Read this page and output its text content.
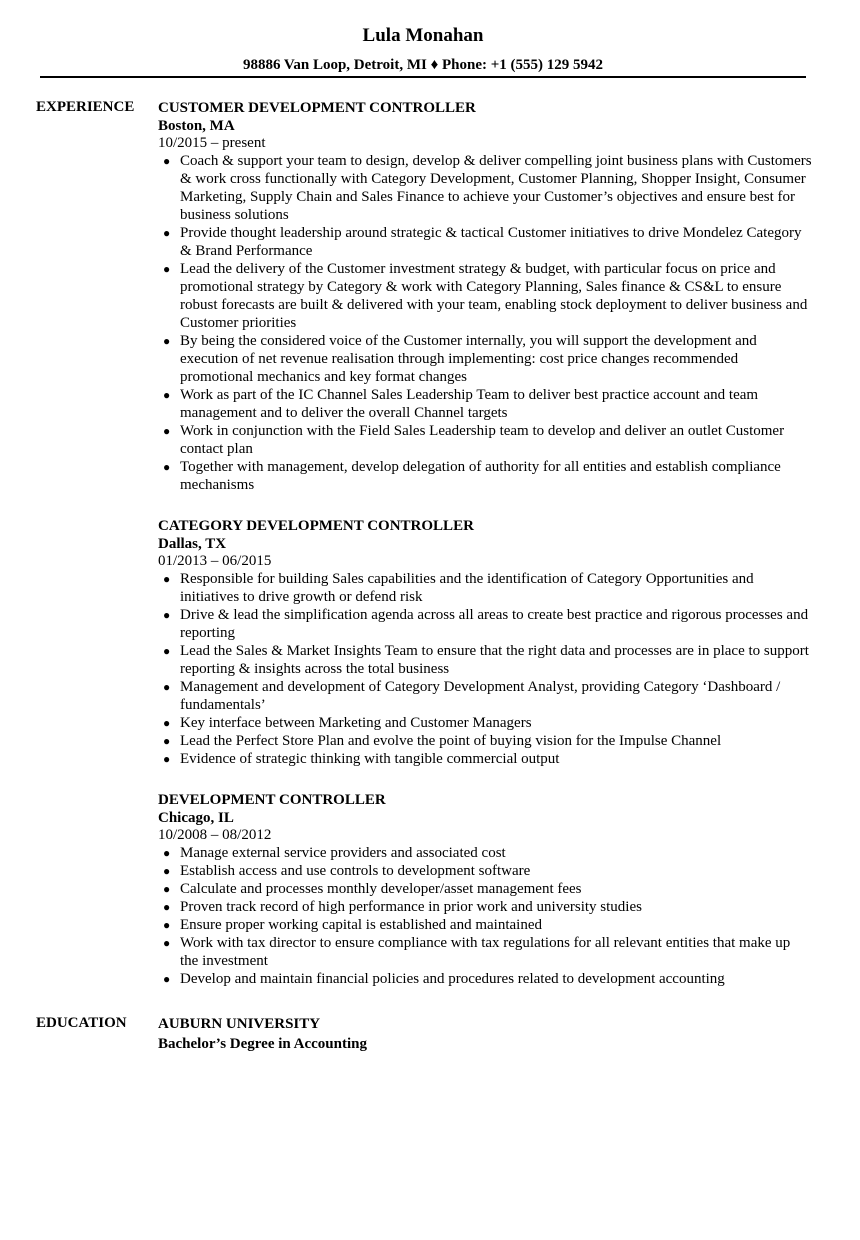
Lula Monahan
98886 Van Loop, Detroit, MI ♦ Phone: +1 (555) 129 5942
EXPERIENCE CUSTOMER DEVELOPMENT CONTROLLER
Boston, MA
10/2015 – present
● Coach & support your team to design, develop & deliver compelling joint business plans with Customers & work cross functionally with Category Development, Customer Planning, Shopper Insight, Consumer Marketing, Supply Chain and Sales Finance to achieve your Customer’s objectives and ensure best for business solutions
● Provide thought leadership around strategic & tactical Customer initiatives to drive Mondelez Category & Brand Performance
● Lead the delivery of the Customer investment strategy & budget, with particular focus on price and promotional strategy by Category & work with Category Planning, Sales finance & CS&L to ensure robust forecasts are built & delivered with your team, enabling stock deployment to deliver business and Customer priorities
● By being the considered voice of the Customer internally, you will support the development and execution of net revenue realisation through implementing: cost price changes recommended promotional mechanics and key format changes
● Work as part of the IC Channel Sales Leadership Team to deliver best practice account and team management and to deliver the overall Channel targets
● Work in conjunction with the Field Sales Leadership team to develop and deliver an outlet Customer contact plan
● Together with management, develop delegation of authority for all entities and establish compliance mechanisms
CATEGORY DEVELOPMENT CONTROLLER
Dallas, TX
01/2013 – 06/2015
● Responsible for building Sales capabilities and the identification of Category Opportunities and initiatives to drive growth or defend risk
● Drive & lead the simplification agenda across all areas to create best practice and rigorous processes and reporting
● Lead the Sales & Market Insights Team to ensure that the right data and processes are in place to support reporting & insights across the total business
● Management and development of Category Development Analyst, providing Category ‘Dashboard / fundamentals’
● Key interface between Marketing and Customer Managers
● Lead the Perfect Store Plan and evolve the point of buying vision for the Impulse Channel
● Evidence of strategic thinking with tangible commercial output
DEVELOPMENT CONTROLLER
Chicago, IL
10/2008 – 08/2012
● Manage external service providers and associated cost
● Establish access and use controls to development software
● Calculate and processes monthly developer/asset management fees
● Proven track record of high performance in prior work and university studies
● Ensure proper working capital is established and maintained
● Work with tax director to ensure compliance with tax regulations for all relevant entities that make up the investment
● Develop and maintain financial policies and procedures related to development accounting
EDUCATION AUBURN UNIVERSITY
Bachelor’s Degree in Accounting
